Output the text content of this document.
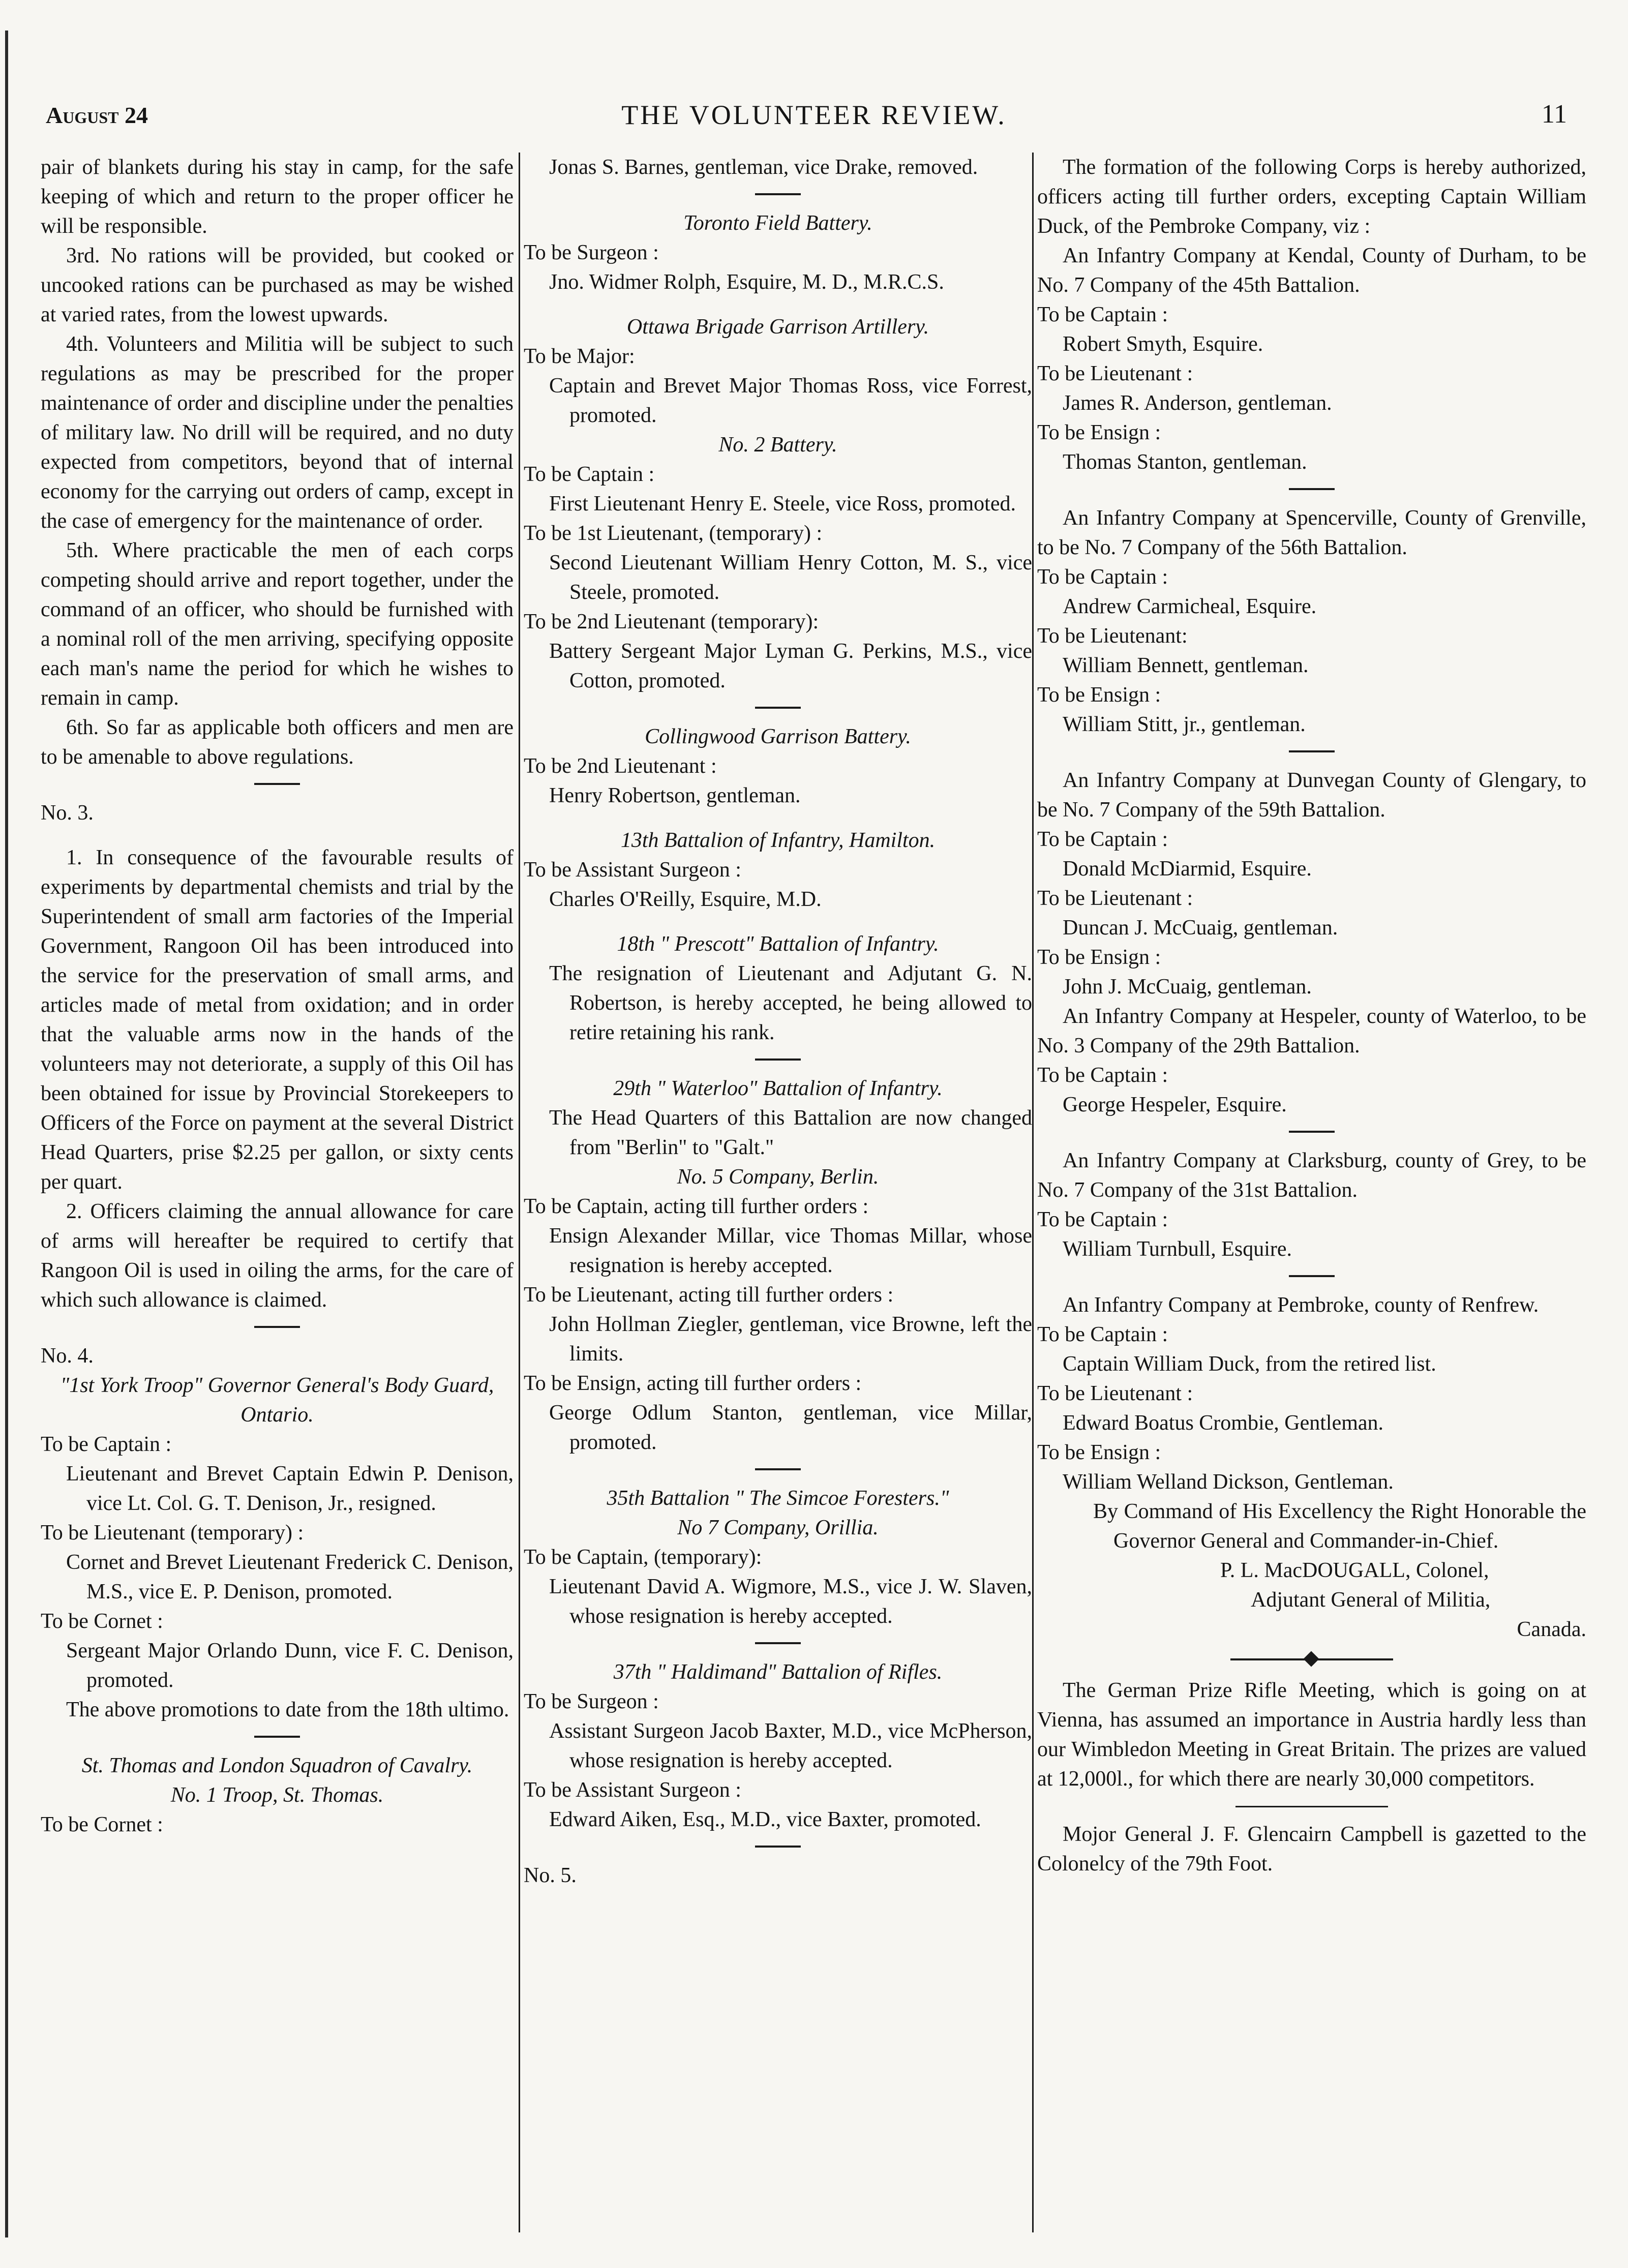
August 24	THE VOLUNTEER REVIEW.	11

pair of blankets during his stay in camp, for the safe keeping of which and return to the proper officer he will be responsible.

3rd. No rations will be provided, but cooked or uncooked rations can be purchased as may be wished at varied rates, from the lowest upwards.

4th. Volunteers and Militia will be subject to such regulations as may be prescribed for the proper maintenance of order and discipline under the penalties of military law. No drill will be required, and no duty expected from competitors, beyond that of internal economy for the carrying out orders of camp, except in the case of emergency for the maintenance of order.

5th. Where practicable the men of each corps competing should arrive and report together, under the command of an officer, who should be furnished with a nominal roll of the men arriving, specifying opposite each man's name the period for which he wishes to remain in camp.

6th. So far as applicable both officers and men are to be amenable to above regulations.

No. 3.

1. In consequence of the favourable results of experiments by departmental chemists and trial by the Superintendent of small arm factories of the Imperial Government, Rangoon Oil has been introduced into the service for the preservation of small arms, and articles made of metal from oxidation; and in order that the valuable arms now in the hands of the volunteers may not deteriorate, a supply of this Oil has been obtained for issue by Provincial Storekeepers to Officers of the Force on payment at the several District Head Quarters, prise $2.25 per gallon, or sixty cents per quart.

2. Officers claiming the annual allowance for care of arms will hereafter be required to certify that Rangoon Oil is used in oiling the arms, for the care of which such allowance is claimed.

No. 4.

"1st York Troop" Governor General's Body Guard, Ontario.

To be Captain :

Lieutenant and Brevet Captain Edwin P. Denison, vice Lt. Col. G. T. Denison, Jr., resigned.

To be Lieutenant (temporary) :

Cornet and Brevet Lieutenant Frederick C. Denison, M.S., vice E. P. Denison, promoted.

To be Cornet :

Sergeant Major Orlando Dunn, vice F. C. Denison, promoted.

The above promotions to date from the 18th ultimo.

St. Thomas and London Squadron of Cavalry.

No. 1 Troop, St. Thomas.

To be Cornet :

Jonas S. Barnes, gentleman, vice Drake, removed.

Toronto Field Battery.

To be Surgeon :

Jno. Widmer Rolph, Esquire, M. D., M.R.C.S.

Ottawa Brigade Garrison Artillery.

To be Major:

Captain and Brevet Major Thomas Ross, vice Forrest, promoted.

No. 2 Battery.

To be Captain :

First Lieutenant Henry E. Steele, vice Ross, promoted.

To be 1st Lieutenant, (temporary) :

Second Lieutenant William Henry Cotton, M. S., vice Steele, promoted.

To be 2nd Lieutenant (temporary):

Battery Sergeant Major Lyman G. Perkins, M.S., vice Cotton, promoted.

Collingwood Garrison Battery.

To be 2nd Lieutenant :

Henry Robertson, gentleman.

13th Battalion of Infantry, Hamilton.

To be Assistant Surgeon :

Charles O'Reilly, Esquire, M.D.

18th " Prescott" Battalion of Infantry.

The resignation of Lieutenant and Adjutant G. N. Robertson, is hereby accepted, he being allowed to retire retaining his rank.

29th " Waterloo" Battalion of Infantry.

The Head Quarters of this Battalion are now changed from "Berlin" to "Galt."

No. 5 Company, Berlin.

To be Captain, acting till further orders :

Ensign Alexander Millar, vice Thomas Millar, whose resignation is hereby accepted.

To be Lieutenant, acting till further orders :

John Hollman Ziegler, gentleman, vice Browne, left the limits.

To be Ensign, acting till further orders :

George Odlum Stanton, gentleman, vice Millar, promoted.

35th Battalion " The Simcoe Foresters."

No 7 Company, Orillia.

To be Captain, (temporary):

Lieutenant David A. Wigmore, M.S., vice J. W. Slaven, whose resignation is hereby accepted.

37th " Haldimand" Battalion of Rifles.

To be Surgeon :

Assistant Surgeon Jacob Baxter, M.D., vice McPherson, whose resignation is hereby accepted.

To be Assistant Surgeon :

Edward Aiken, Esq., M.D., vice Baxter, promoted.

No. 5.

The formation of the following Corps is hereby authorized, officers acting till further orders, excepting Captain William Duck, of the Pembroke Company, viz :

An Infantry Company at Kendal, County of Durham, to be No. 7 Company of the 45th Battalion.

To be Captain :

Robert Smyth, Esquire.

To be Lieutenant :

James R. Anderson, gentleman.

To be Ensign :

Thomas Stanton, gentleman.

An Infantry Company at Spencerville, County of Grenville, to be No. 7 Company of the 56th Battalion.

To be Captain :

Andrew Carmicheal, Esquire.

To be Lieutenant:

William Bennett, gentleman.

To be Ensign :

William Stitt, jr., gentleman.

An Infantry Company at Dunvegan County of Glengary, to be No. 7 Company of the 59th Battalion.

To be Captain :

Donald McDiarmid, Esquire.

To be Lieutenant :

Duncan J. McCuaig, gentleman.

To be Ensign :

John J. McCuaig, gentleman.

An Infantry Company at Hespeler, county of Waterloo, to be No. 3 Company of the 29th Battalion.

To be Captain :

George Hespeler, Esquire.

An Infantry Company at Clarksburg, county of Grey, to be No. 7 Company of the 31st Battalion.

To be Captain :

William Turnbull, Esquire.

An Infantry Company at Pembroke, county of Renfrew.

To be Captain :

Captain William Duck, from the retired list.

To be Lieutenant :

Edward Boatus Crombie, Gentleman.

To be Ensign :

William Welland Dickson, Gentleman.

By Command of His Excellency the Right Honorable the Governor General and Commander-in-Chief.

P. L. MacDOUGALL, Colonel,

Adjutant General of Militia,

Canada.

The German Prize Rifle Meeting, which is going on at Vienna, has assumed an importance in Austria hardly less than our Wimbledon Meeting in Great Britain. The prizes are valued at 12,000l., for which there are nearly 30,000 competitors.

Mojor General J. F. Glencairn Campbell is gazetted to the Colonelcy of the 79th Foot.
